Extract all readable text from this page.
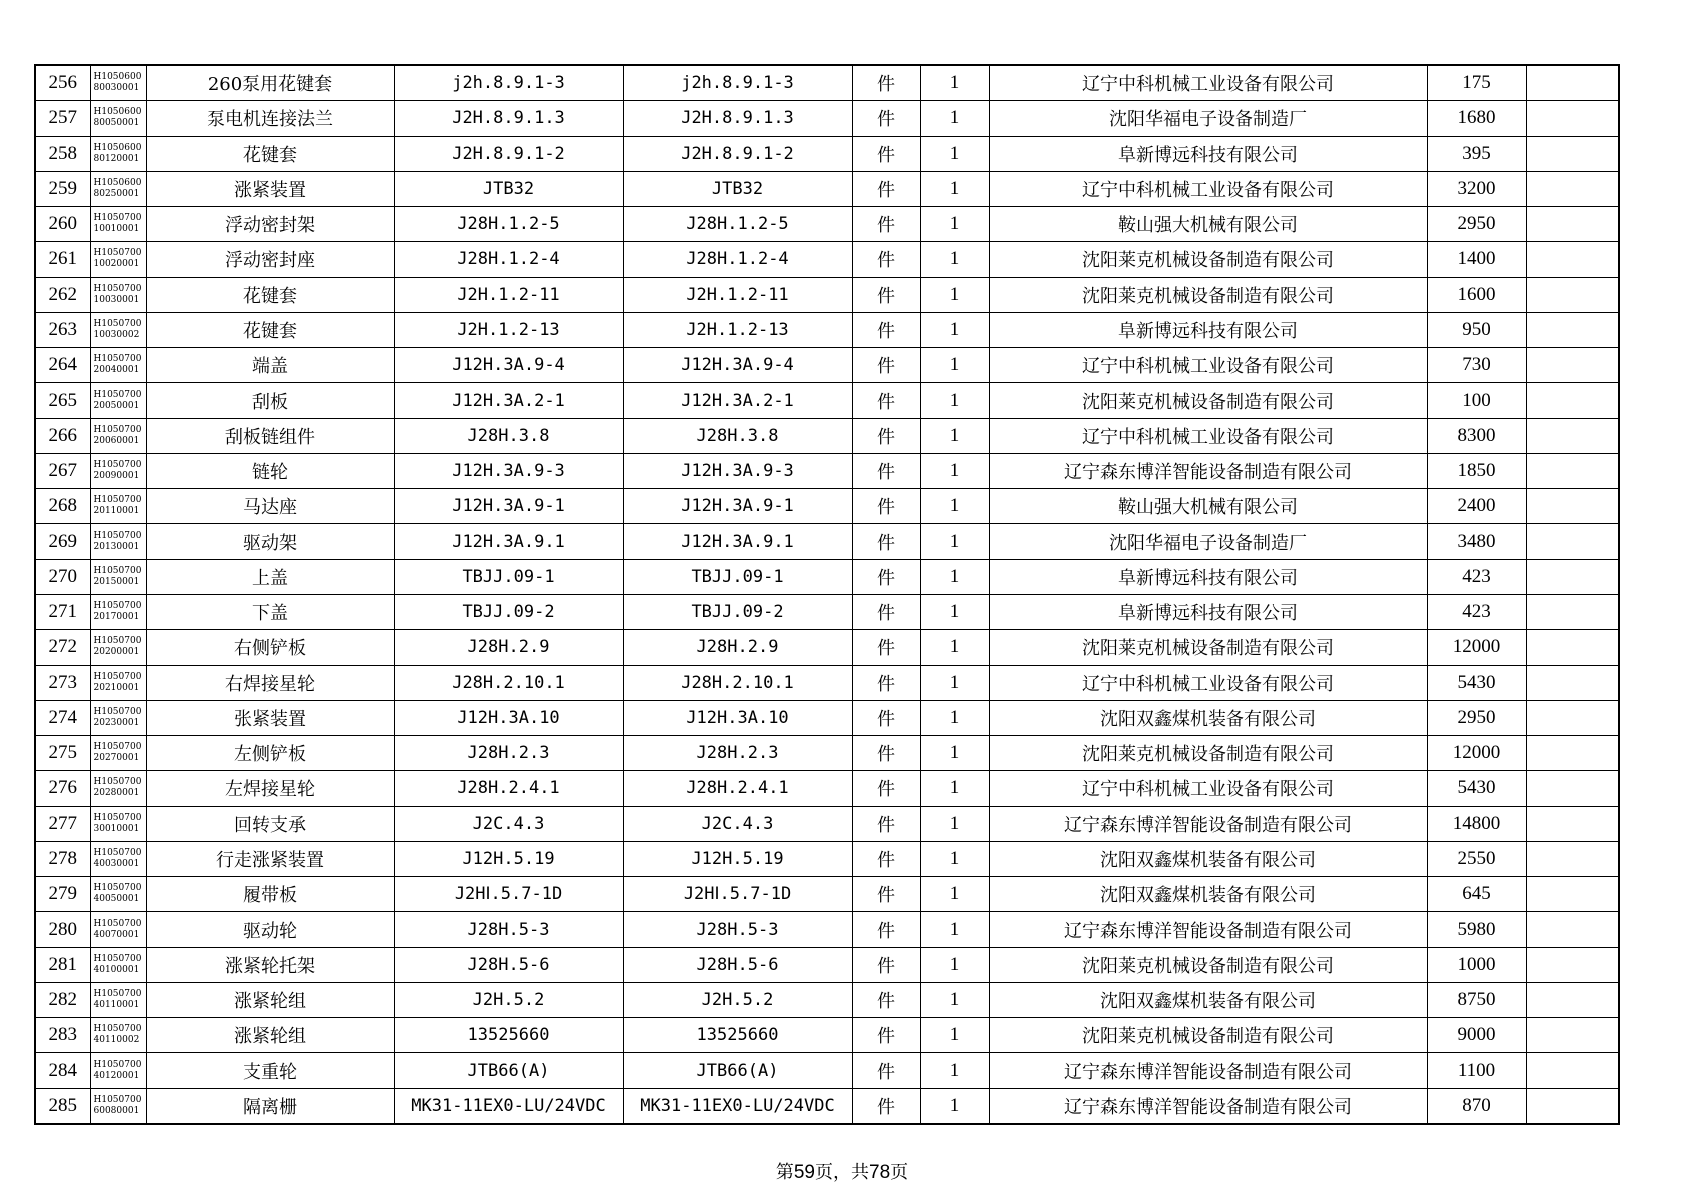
256	H105060080030001	260泵用花键套	j2h.8.9.1-3	j2h.8.9.1-3	件	1	辽宁中科机械工业设备有限公司	175	
257	H105060080050001	泵电机连接法兰	J2H.8.9.1.3	J2H.8.9.1.3	件	1	沈阳华福电子设备制造厂	1680	
258	H105060080120001	花键套	J2H.8.9.1-2	J2H.8.9.1-2	件	1	阜新博远科技有限公司	395	
259	H105060080250001	涨紧装置	JTB32	JTB32	件	1	辽宁中科机械工业设备有限公司	3200	
260	H105070010010001	浮动密封架	J28H.1.2-5	J28H.1.2-5	件	1	鞍山强大机械有限公司	2950	
261	H105070010020001	浮动密封座	J28H.1.2-4	J28H.1.2-4	件	1	沈阳莱克机械设备制造有限公司	1400	
262	H105070010030001	花键套	J2H.1.2-11	J2H.1.2-11	件	1	沈阳莱克机械设备制造有限公司	1600	
263	H105070010030002	花键套	J2H.1.2-13	J2H.1.2-13	件	1	阜新博远科技有限公司	950	
264	H105070020040001	端盖	J12H.3A.9-4	J12H.3A.9-4	件	1	辽宁中科机械工业设备有限公司	730	
265	H105070020050001	刮板	J12H.3A.2-1	J12H.3A.2-1	件	1	沈阳莱克机械设备制造有限公司	100	
266	H105070020060001	刮板链组件	J28H.3.8	J28H.3.8	件	1	辽宁中科机械工业设备有限公司	8300	
267	H105070020090001	链轮	J12H.3A.9-3	J12H.3A.9-3	件	1	辽宁森东博洋智能设备制造有限公司	1850	
268	H105070020110001	马达座	J12H.3A.9-1	J12H.3A.9-1	件	1	鞍山强大机械有限公司	2400	
269	H105070020130001	驱动架	J12H.3A.9.1	J12H.3A.9.1	件	1	沈阳华福电子设备制造厂	3480	
270	H105070020150001	上盖	TBJJ.09-1	TBJJ.09-1	件	1	阜新博远科技有限公司	423	
271	H105070020170001	下盖	TBJJ.09-2	TBJJ.09-2	件	1	阜新博远科技有限公司	423	
272	H105070020200001	右侧铲板	J28H.2.9	J28H.2.9	件	1	沈阳莱克机械设备制造有限公司	12000	
273	H105070020210001	右焊接星轮	J28H.2.10.1	J28H.2.10.1	件	1	辽宁中科机械工业设备有限公司	5430	
274	H105070020230001	张紧装置	J12H.3A.10	J12H.3A.10	件	1	沈阳双鑫煤机装备有限公司	2950	
275	H105070020270001	左侧铲板	J28H.2.3	J28H.2.3	件	1	沈阳莱克机械设备制造有限公司	12000	
276	H105070020280001	左焊接星轮	J28H.2.4.1	J28H.2.4.1	件	1	辽宁中科机械工业设备有限公司	5430	
277	H105070030010001	回转支承	J2C.4.3	J2C.4.3	件	1	辽宁森东博洋智能设备制造有限公司	14800	
278	H105070040030001	行走涨紧装置	J12H.5.19	J12H.5.19	件	1	沈阳双鑫煤机装备有限公司	2550	
279	H105070040050001	履带板	J2HⅠ.5.7-1D	J2HⅠ.5.7-1D	件	1	沈阳双鑫煤机装备有限公司	645	
280	H105070040070001	驱动轮	J28H.5-3	J28H.5-3	件	1	辽宁森东博洋智能设备制造有限公司	5980	
281	H105070040100001	涨紧轮托架	J28H.5-6	J28H.5-6	件	1	沈阳莱克机械设备制造有限公司	1000	
282	H105070040110001	涨紧轮组	J2H.5.2	J2H.5.2	件	1	沈阳双鑫煤机装备有限公司	8750	
283	H105070040110002	涨紧轮组	13525660	13525660	件	1	沈阳莱克机械设备制造有限公司	9000	
284	H105070040120001	支重轮	JTB66(A)	JTB66(A)	件	1	辽宁森东博洋智能设备制造有限公司	1100	
285	H105070060080001	隔离栅	MK31-11EX0-LU/24VDC	MK31-11EX0-LU/24VDC	件	1	辽宁森东博洋智能设备制造有限公司	870	
第59页，共78页
